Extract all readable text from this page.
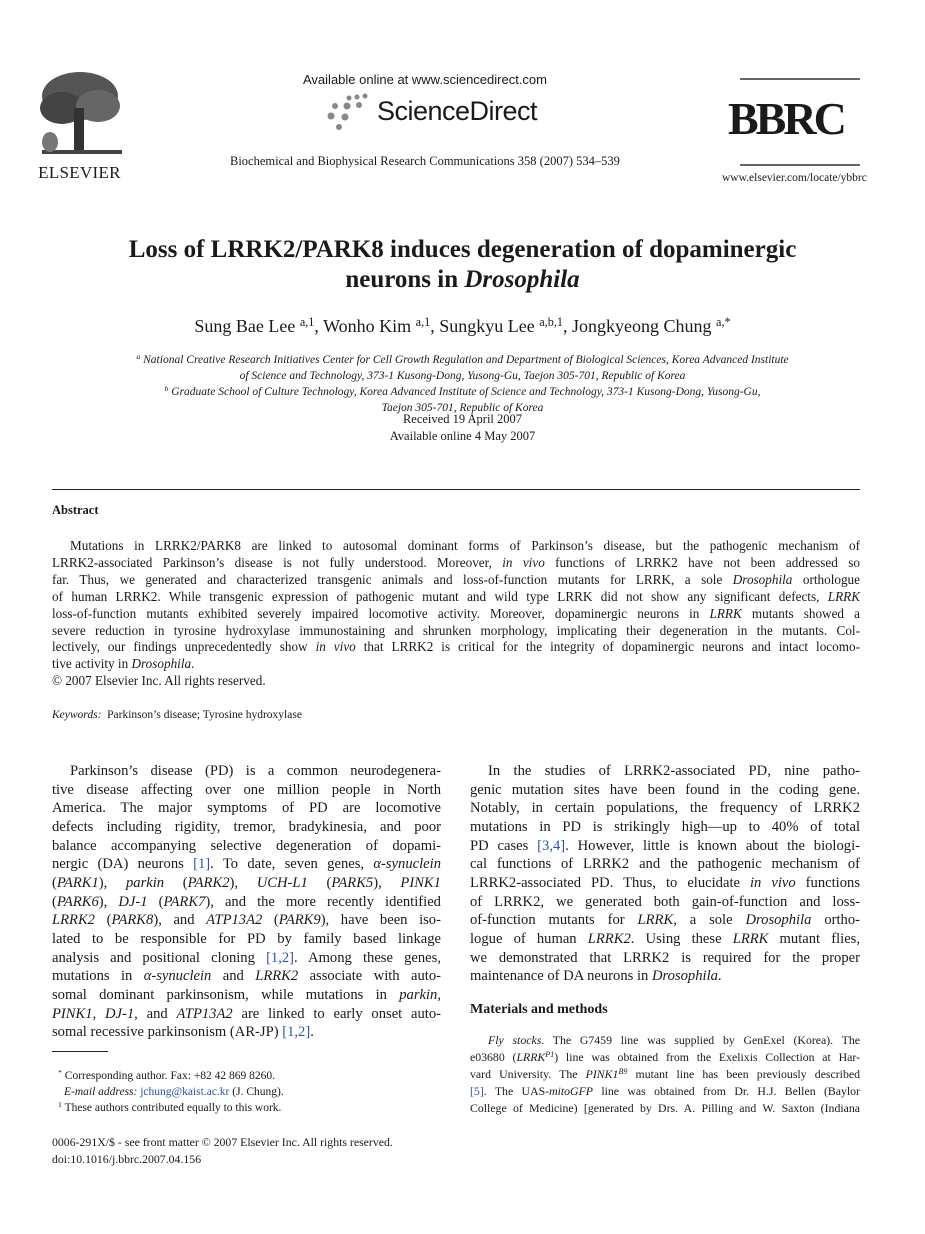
ELSEVIER
Available online at www.sciencedirect.com
ScienceDirect
Biochemical and Biophysical Research Communications 358 (2007) 534–539
BBRC
www.elsevier.com/locate/ybbrc
Loss of LRRK2/PARK8 induces degeneration of dopaminergic
neurons in Drosophila
Sung Bae Lee $^{a,1}$, Wonho Kim $^{a,1}$, Sungkyu Lee $^{a,b,1}$, Jongkyeong Chung $^{a,*}$
$^a$ National Creative Research Initiatives Center for Cell Growth Regulation and Department of Biological Sciences, Korea Advanced Institute
of Science and Technology, 373-1 Kusong-Dong, Yusong-Gu, Taejon 305-701, Republic of Korea
$^b$ Graduate School of Culture Technology, Korea Advanced Institute of Science and Technology, 373-1 Kusong-Dong, Yusong-Gu,
Taejon 305-701, Republic of Korea
Received 19 April 2007
Available online 4 May 2007
Abstract
Mutations in LRRK2/PARK8 are linked to autosomal dominant forms of Parkinson’s disease, but the pathogenic mechanism of
LRRK2-associated Parkinson’s disease is not fully understood. Moreover, in vivo functions of LRRK2 have not been addressed so
far. Thus, we generated and characterized transgenic animals and loss-of-function mutants for LRRK, a sole Drosophila orthologue
of human LRRK2. While transgenic expression of pathogenic mutant and wild type LRRK did not show any significant defects, LRRK
loss-of-function mutants exhibited severely impaired locomotive activity. Moreover, dopaminergic neurons in LRRK mutants showed a
severe reduction in tyrosine hydroxylase immunostaining and shrunken morphology, implicating their degeneration in the mutants. Col-
lectively, our findings unprecedentedly show in vivo that LRRK2 is critical for the integrity of dopaminergic neurons and intact locomo-
tive activity in Drosophila.
© 2007 Elsevier Inc. All rights reserved.
Keywords: Parkinson’s disease; Tyrosine hydroxylase
Parkinson’s disease (PD) is a common neurodegenera-
tive disease affecting over one million people in North
America. The major symptoms of PD are locomotive
defects including rigidity, tremor, bradykinesia, and poor
balance accompanying selective degeneration of dopami-
nergic (DA) neurons [1]. To date, seven genes, α-synuclein
(PARK1), parkin (PARK2), UCH-L1 (PARK5), PINK1
(PARK6), DJ-1 (PARK7), and the more recently identified
LRRK2 (PARK8), and ATP13A2 (PARK9), have been iso-
lated to be responsible for PD by family based linkage
analysis and positional cloning [1,2]. Among these genes,
mutations in α-synuclein and LRRK2 associate with auto-
somal dominant parkinsonism, while mutations in parkin,
PINK1, DJ-1, and ATP13A2 are linked to early onset auto-
somal recessive parkinsonism (AR-JP) [1,2].
In the studies of LRRK2-associated PD, nine patho-
genic mutation sites have been found in the coding gene.
Notably, in certain populations, the frequency of LRRK2
mutations in PD is strikingly high—up to 40% of total
PD cases [3,4]. However, little is known about the biologi-
cal functions of LRRK2 and the pathogenic mechanism of
LRRK2-associated PD. Thus, to elucidate in vivo functions
of LRRK2, we generated both gain-of-function and loss-
of-function mutants for LRRK, a sole Drosophila ortho-
logue of human LRRK2. Using these LRRK mutant flies,
we demonstrated that LRRK2 is required for the proper
maintenance of DA neurons in Drosophila.
Materials and methods
Fly stocks. The G7459 line was supplied by GenExel (Korea). The
e03680 $(LRRK^{P1})$ line was obtained from the Exelixis Collection at Har-
vard University. The $PINK1^{B9}$ mutant line has been previously described
[5]. The UAS-mitoGFP line was obtained from Dr. H.J. Bellen (Baylor
College of Medicine) [generated by Drs. A. Pilling and W. Saxton (Indiana
* Corresponding author. Fax: +82 42 869 8260.
E-mail address: jchung@kaist.ac.kr (J. Chung).
$^1$ These authors contributed equally to this work.
0006-291X/$ - see front matter © 2007 Elsevier Inc. All rights reserved.
doi:10.1016/j.bbrc.2007.04.156
